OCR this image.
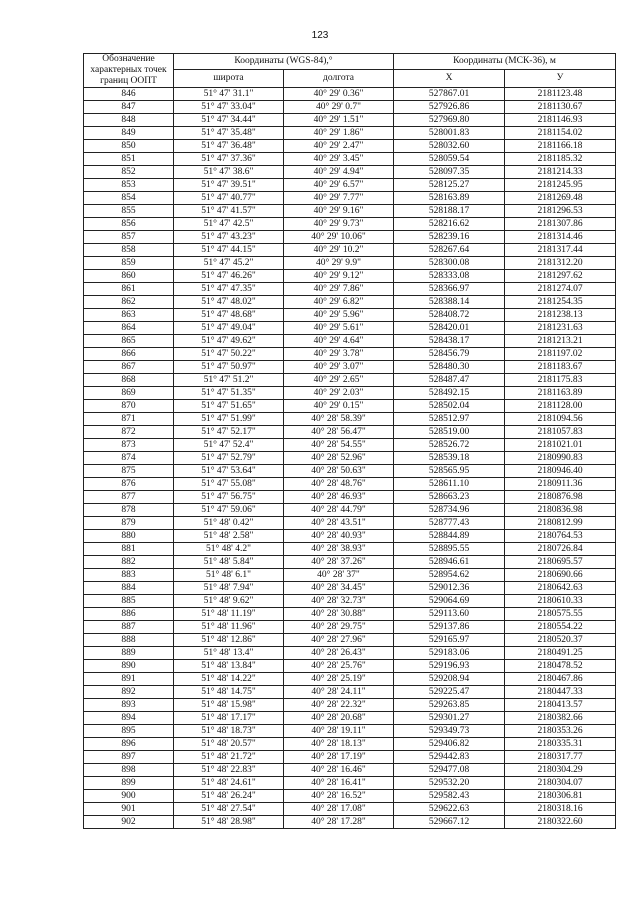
123
Обозначение характерных точек границ ООПТ	Координаты (WGS-84),°		Координаты (МСК-36), м	
	широта	долгота	X	У
846	51° 47' 31.1"	40° 29' 0.36"	527867.01	2181123.48
847	51° 47' 33.04"	40° 29' 0.7"	527926.86	2181130.67
848	51° 47' 34.44"	40° 29' 1.51"	527969.80	2181146.93
849	51° 47' 35.48"	40° 29' 1.86"	528001.83	2181154.02
850	51° 47' 36.48"	40° 29' 2.47"	528032.60	2181166.18
851	51° 47' 37.36"	40° 29' 3.45"	528059.54	2181185.32
852	51° 47' 38.6"	40° 29' 4.94"	528097.35	2181214.33
853	51° 47' 39.51"	40° 29' 6.57"	528125.27	2181245.95
854	51° 47' 40.77"	40° 29' 7.77"	528163.89	2181269.48
855	51° 47' 41.57"	40° 29' 9.16"	528188.17	2181296.53
856	51° 47' 42.5"	40° 29' 9.73"	528216.62	2181307.86
857	51° 47' 43.23"	40° 29' 10.06"	528239.16	2181314.46
858	51° 47' 44.15"	40° 29' 10.2"	528267.64	2181317.44
859	51° 47' 45.2"	40° 29' 9.9"	528300.08	2181312.20
860	51° 47' 46.26"	40° 29' 9.12"	528333.08	2181297.62
861	51° 47' 47.35"	40° 29' 7.86"	528366.97	2181274.07
862	51° 47' 48.02"	40° 29' 6.82"	528388.14	2181254.35
863	51° 47' 48.68"	40° 29' 5.96"	528408.72	2181238.13
864	51° 47' 49.04"	40° 29' 5.61"	528420.01	2181231.63
865	51° 47' 49.62"	40° 29' 4.64"	528438.17	2181213.21
866	51° 47' 50.22"	40° 29' 3.78"	528456.79	2181197.02
867	51° 47' 50.97"	40° 29' 3.07"	528480.30	2181183.67
868	51° 47' 51.2"	40° 29' 2.65"	528487.47	2181175.83
869	51° 47' 51.35"	40° 29' 2.03"	528492.15	2181163.89
870	51° 47' 51.65"	40° 29' 0.15"	528502.04	2181128.00
871	51° 47' 51.99"	40° 28' 58.39"	528512.97	2181094.56
872	51° 47' 52.17"	40° 28' 56.47"	528519.00	2181057.83
873	51° 47' 52.4"	40° 28' 54.55"	528526.72	2181021.01
874	51° 47' 52.79"	40° 28' 52.96"	528539.18	2180990.83
875	51° 47' 53.64"	40° 28' 50.63"	528565.95	2180946.40
876	51° 47' 55.08"	40° 28' 48.76"	528611.10	2180911.36
877	51° 47' 56.75"	40° 28' 46.93"	528663.23	2180876.98
878	51° 47' 59.06"	40° 28' 44.79"	528734.96	2180836.98
879	51° 48' 0.42"	40° 28' 43.51"	528777.43	2180812.99
880	51° 48' 2.58"	40° 28' 40.93"	528844.89	2180764.53
881	51° 48' 4.2"	40° 28' 38.93"	528895.55	2180726.84
882	51° 48' 5.84"	40° 28' 37.26"	528946.61	2180695.57
883	51° 48' 6.1"	40° 28' 37"	528954.62	2180690.66
884	51° 48' 7.94"	40° 28' 34.45"	529012.36	2180642.63
885	51° 48' 9.62"	40° 28' 32.73"	529064.69	2180610.33
886	51° 48' 11.19"	40° 28' 30.88"	529113.60	2180575.55
887	51° 48' 11.96"	40° 28' 29.75"	529137.86	2180554.22
888	51° 48' 12.86"	40° 28' 27.96"	529165.97	2180520.37
889	51° 48' 13.4"	40° 28' 26.43"	529183.06	2180491.25
890	51° 48' 13.84"	40° 28' 25.76"	529196.93	2180478.52
891	51° 48' 14.22"	40° 28' 25.19"	529208.94	2180467.86
892	51° 48' 14.75"	40° 28' 24.11"	529225.47	2180447.33
893	51° 48' 15.98"	40° 28' 22.32"	529263.85	2180413.57
894	51° 48' 17.17"	40° 28' 20.68"	529301.27	2180382.66
895	51° 48' 18.73"	40° 28' 19.11"	529349.73	2180353.26
896	51° 48' 20.57"	40° 28' 18.13"	529406.82	2180335.31
897	51° 48' 21.72"	40° 28' 17.19"	529442.83	2180317.77
898	51° 48' 22.83"	40° 28' 16.46"	529477.08	2180304.29
899	51° 48' 24.61"	40° 28' 16.41"	529532.20	2180304.07
900	51° 48' 26.24"	40° 28' 16.52"	529582.43	2180306.81
901	51° 48' 27.54"	40° 28' 17.08"	529622.63	2180318.16
902	51° 48' 28.98"	40° 28' 17.28"	529667.12	2180322.60
